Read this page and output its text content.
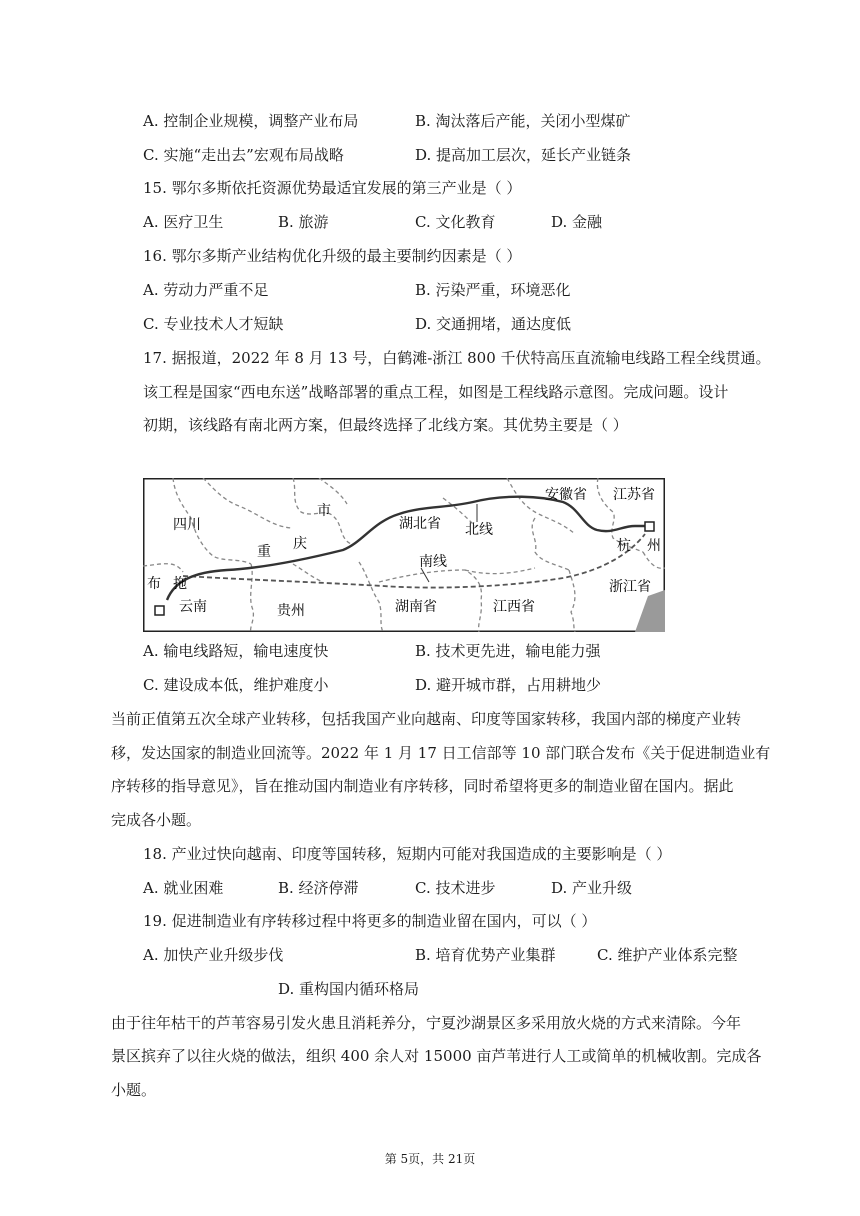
A. 控制企业规模，调整产业布局	B. 淘汰落后产能，关闭小型煤矿
C. 实施“走出去”宏观布局战略	D. 提高加工层次，延长产业链条
15. 鄂尔多斯依托资源优势最适宜发展的第三产业是（ ）
A. 医疗卫生	B. 旅游	C. 文化教育	D. 金融
16. 鄂尔多斯产业结构优化升级的最主要制约因素是（ ）
A. 劳动力严重不足	B. 污染严重，环境恶化
C. 专业技术人才短缺	D. 交通拥堵，通达度低
17. 据报道，2022 年 8 月 13 号，白鹤滩-浙江 800 千伏特高压直流输电线路工程全线贯通。
该工程是国家“西电东送”战略部署的重点工程，如图是工程线路示意图。完成问题。设计
初期，该线路有南北两方案，但最终选择了北线方案。其优势主要是（ ）
四川
市
重 庆
湖北省 北线
安徽省 江苏省
杭 州
南线
布 拖
云南	贵州	湖南省	江西省
浙江省
A. 输电线路短，输电速度快	B. 技术更先进，输电能力强
C. 建设成本低，维护难度小	D. 避开城市群，占用耕地少
当前正值第五次全球产业转移，包括我国产业向越南、印度等国家转移，我国内部的梯度产业转
移，发达国家的制造业回流等。2022 年 1 月 17 日工信部等 10 部门联合发布《关于促进制造业有
序转移的指导意见》，旨在推动国内制造业有序转移，同时希望将更多的制造业留在国内。据此
完成各小题。
18. 产业过快向越南、印度等国转移，短期内可能对我国造成的主要影响是（ ）
A. 就业困难	B. 经济停滞	C. 技术进步	D. 产业升级
19. 促进制造业有序转移过程中将更多的制造业留在国内，可以（ ）
A. 加快产业升级步伐	B. 培育优势产业集群	C. 维护产业体系完整
D. 重构国内循环格局
由于往年枯干的芦苇容易引发火患且消耗养分，宁夏沙湖景区多采用放火烧的方式来清除。今年
景区摈弃了以往火烧的做法，组织 400 余人对 15000 亩芦苇进行人工或简单的机械收割。完成各
小题。
第 5页，共 21页
